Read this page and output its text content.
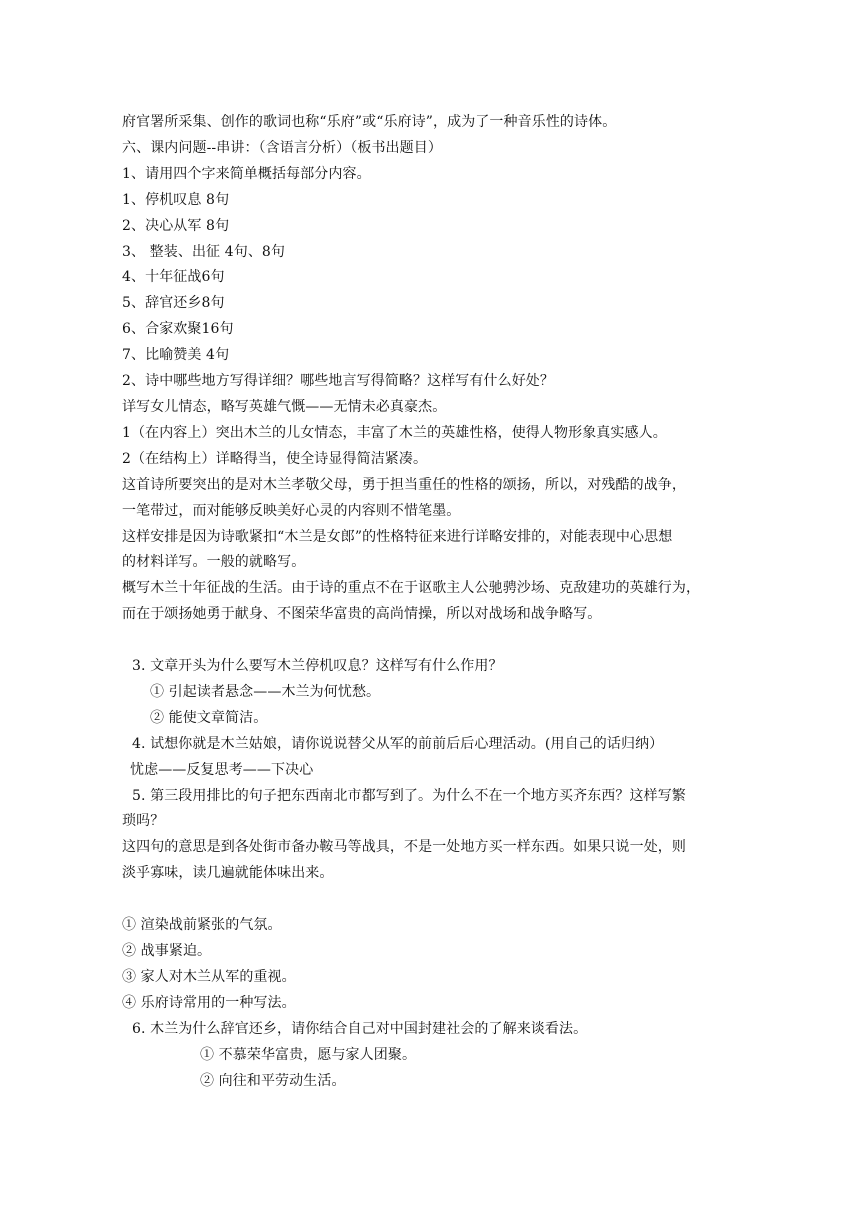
府官署所采集、创作的歌词也称“乐府”或“乐府诗”，成为了一种音乐性的诗体。
六、课内问题--串讲：（含语言分析）（板书出题目）
1、请用四个字来简单概括每部分内容。
1、停机叹息 8句
2、决心从军 8句
3、 整装、出征 4句、8句
4、十年征战6句
5、辞官还乡8句
6、合家欢聚16句
7、比喻赞美 4句
2、诗中哪些地方写得详细？哪些地言写得简略？这样写有什么好处？
详写女儿情态，略写英雄气慨——无情未必真豪杰。
1（在内容上）突出木兰的儿女情态，丰富了木兰的英雄性格，使得人物形象真实感人。
2（在结构上）详略得当，使全诗显得简洁紧凑。
这首诗所要突出的是对木兰孝敬父母，勇于担当重任的性格的颂扬，所以，对残酷的战争，
一笔带过，而对能够反映美好心灵的内容则不惜笔墨。
这样安排是因为诗歌紧扣“木兰是女郎”的性格特征来进行详略安排的，对能表现中心思想
的材料详写。一般的就略写。
概写木兰十年征战的生活。由于诗的重点不在于讴歌主人公驰骋沙场、克敌建功的英雄行为，
而在于颂扬她勇于献身、不图荣华富贵的高尚情操，所以对战场和战争略写。
3. 文章开头为什么要写木兰停机叹息？这样写有什么作用？
① 引起读者悬念——木兰为何忧愁。
② 能使文章简洁。
4. 试想你就是木兰姑娘，请你说说替父从军的前前后后心理活动。(用自己的话归纳）
忧虑——反复思考——下决心
5. 第三段用排比的句子把东西南北市都写到了。为什么不在一个地方买齐东西？这样写繁
琐吗？
这四句的意思是到各处街市备办鞍马等战具，不是一处地方买一样东西。如果只说一处，则
淡乎寡味，读几遍就能体味出来。
① 渲染战前紧张的气氛。
② 战事紧迫。
③ 家人对木兰从军的重视。
④ 乐府诗常用的一种写法。
6. 木兰为什么辞官还乡，请你结合自己对中国封建社会的了解来谈看法。
① 不慕荣华富贵，愿与家人团聚。
② 向往和平劳动生活。
